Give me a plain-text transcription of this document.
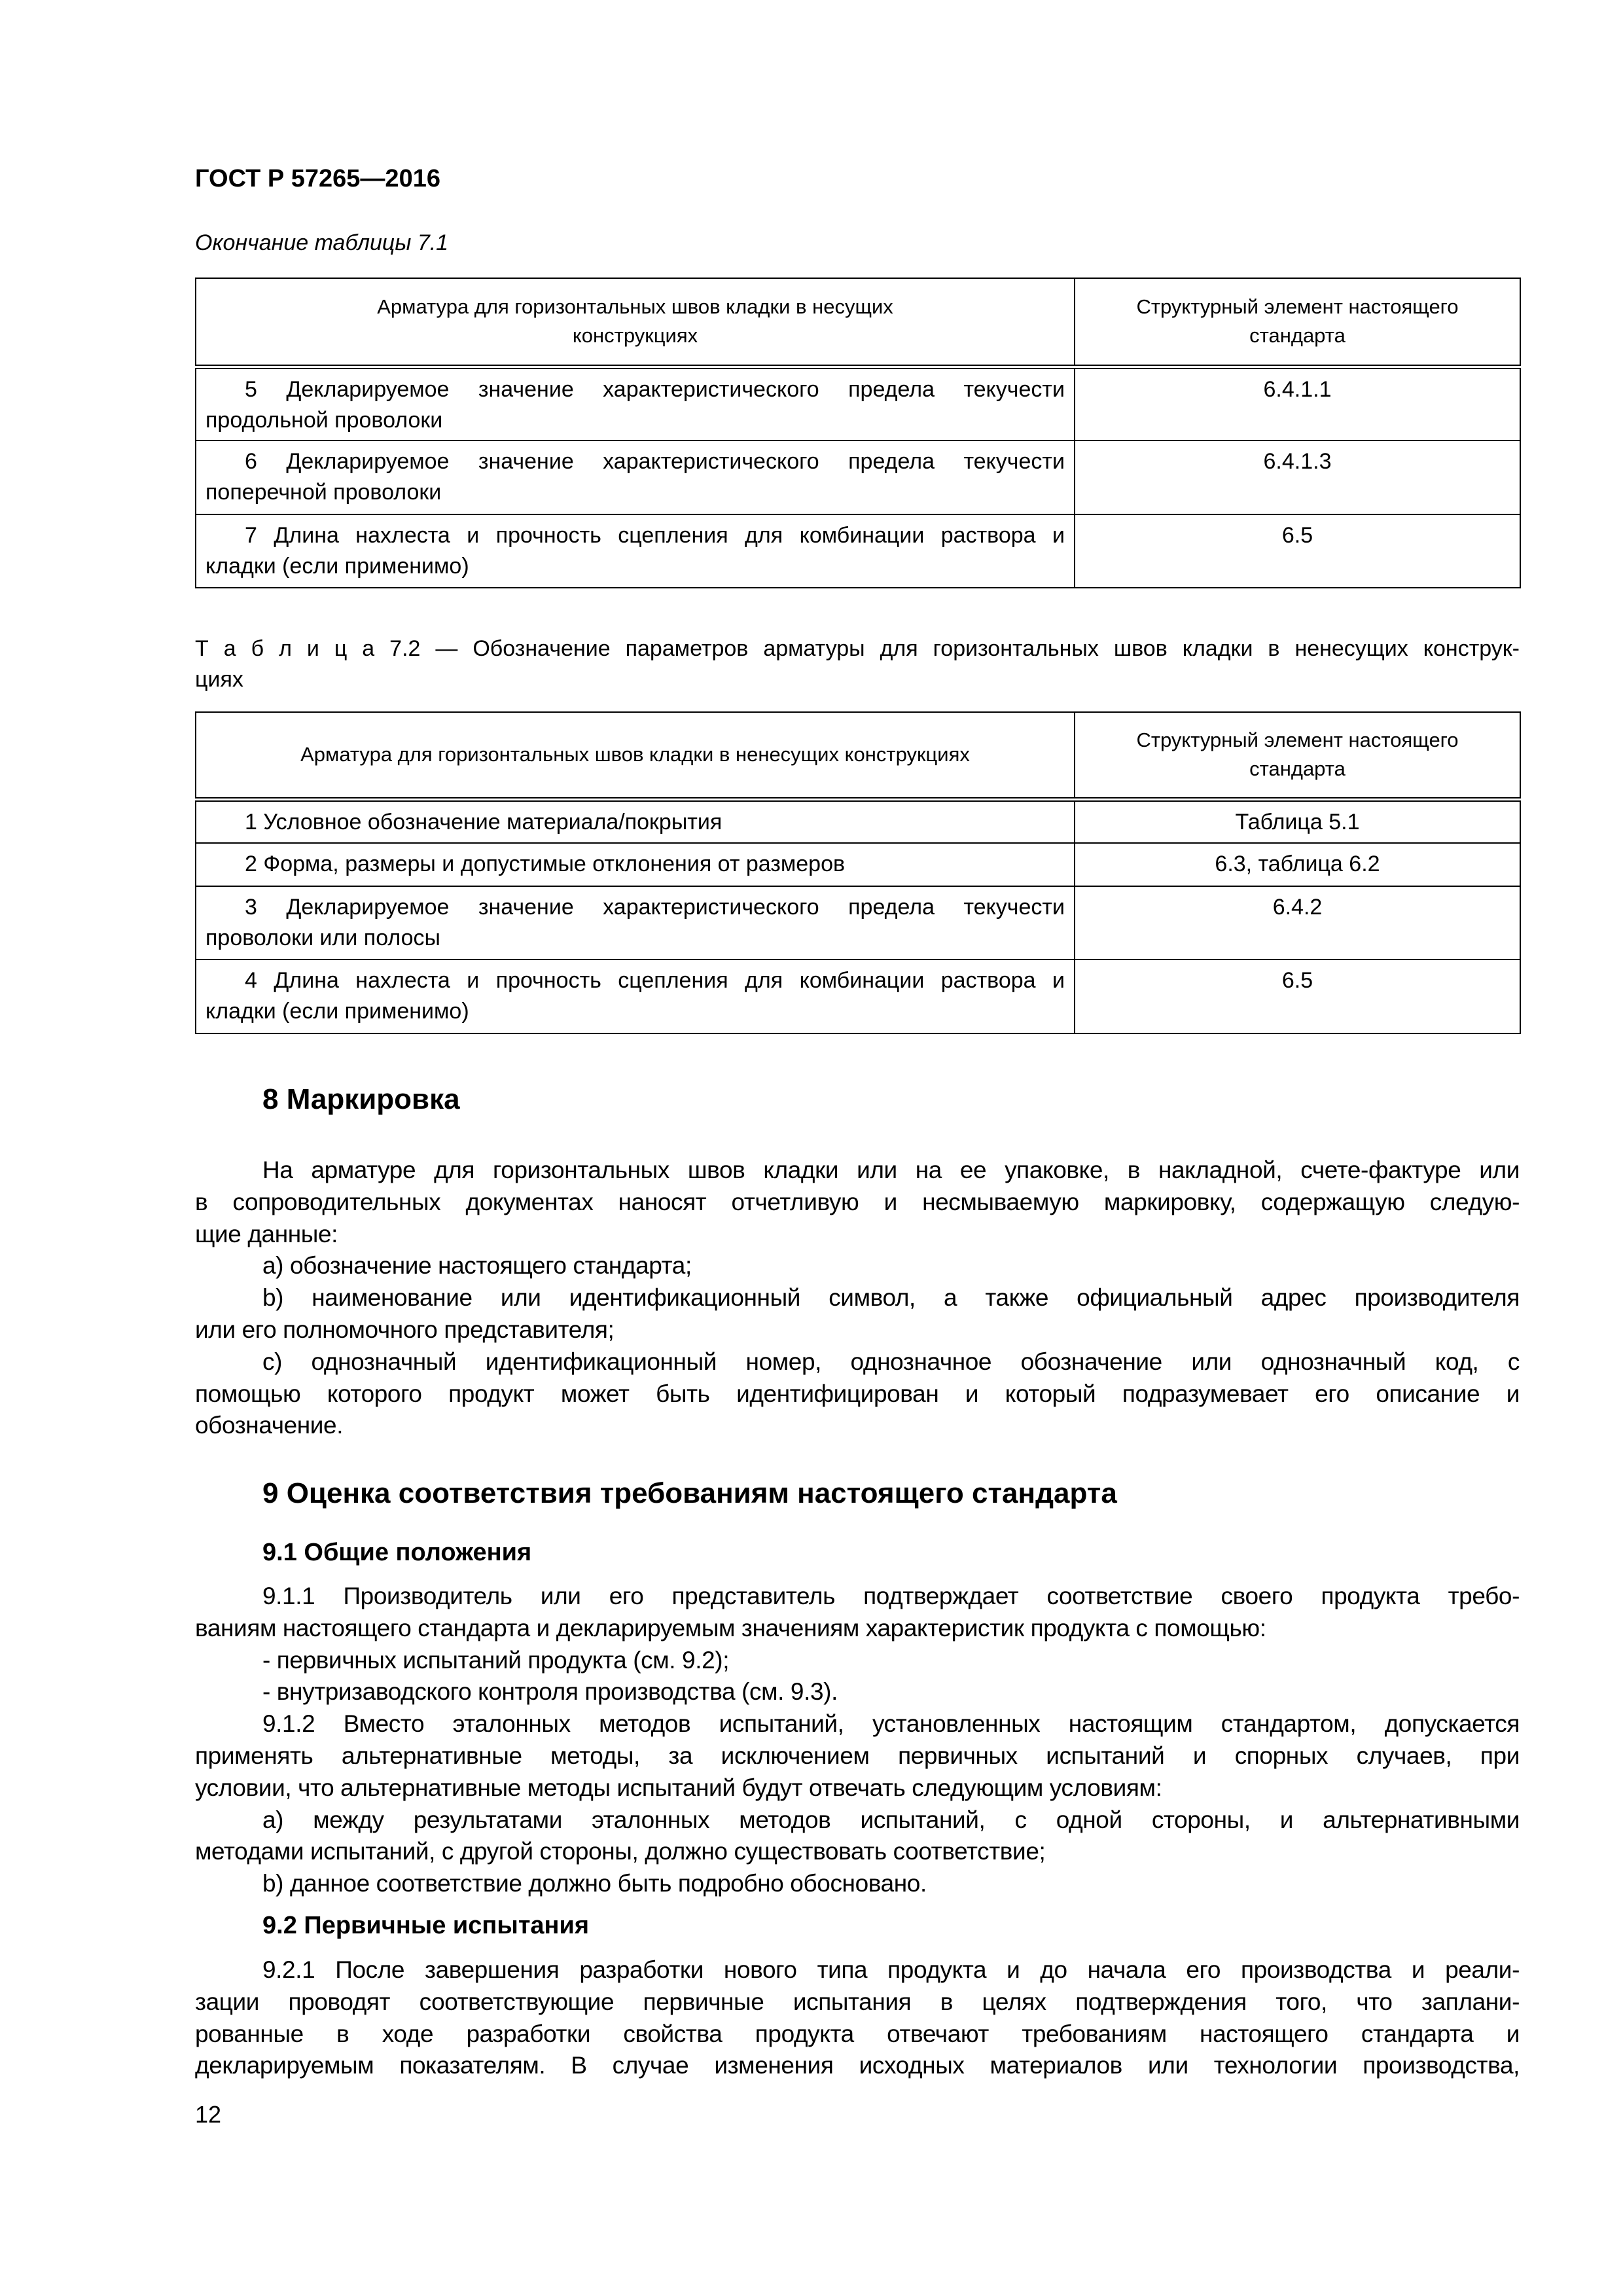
ГОСТ Р 57265—2016
Окончание таблицы 7.1
Арматура для горизонтальных швов кладки в несущих
конструкциях	Структурный элемент настоящего
стандарта

5 Декларируемое значение характеристического предела текучести
продольной проволоки	6.4.1.1

6 Декларируемое значение характеристического предела текучести
поперечной проволоки	6.4.1.3

7 Длина нахлеста и прочность сцепления для комбинации раствора и
кладки (если применимо)	6.5
Т а б л и ц а 7.2 — Обозначение параметров арматуры для горизонтальных швов кладки в ненесущих конструк-
циях
Арматура для горизонтальных швов кладки в ненесущих конструкциях	Структурный элемент настоящего
стандарта

1 Условное обозначение материала/покрытия	Таблица 5.1

2 Форма, размеры и допустимые отклонения от размеров	6.3, таблица 6.2

3 Декларируемое значение характеристического предела текучести
проволоки или полосы	6.4.2

4 Длина нахлеста и прочность сцепления для комбинации раствора и
кладки (если применимо)	6.5
8 Маркировка
На арматуре для горизонтальных швов кладки или на ее упаковке, в накладной, счете-фактуре или
в сопроводительных документах наносят отчетливую и несмываемую маркировку, содержащую следую-
щие данные:
a) обозначение настоящего стандарта;
b) наименование или идентификационный символ, а также официальный адрес производителя
или его полномочного представителя;
c) однозначный идентификационный номер, однозначное обозначение или однозначный код, с
помощью которого продукт может быть идентифицирован и который подразумевает его описание и
обозначение.
9 Оценка соответствия требованиям настоящего стандарта
9.1 Общие положения
9.1.1 Производитель или его представитель подтверждает соответствие своего продукта требо-
ваниям настоящего стандарта и декларируемым значениям характеристик продукта с помощью:
- первичных испытаний продукта (см. 9.2);
- внутризаводского контроля производства (см. 9.3).
9.1.2 Вместо эталонных методов испытаний, установленных настоящим стандартом, допускается
применять альтернативные методы, за исключением первичных испытаний и спорных случаев, при
условии, что альтернативные методы испытаний будут отвечать следующим условиям:
a) между результатами эталонных методов испытаний, с одной стороны, и альтернативными
методами испытаний, с другой стороны, должно существовать соответствие;
b) данное соответствие должно быть подробно обосновано.
9.2 Первичные испытания
9.2.1 После завершения разработки нового типа продукта и до начала его производства и реали-
зации проводят соответствующие первичные испытания в целях подтверждения того, что заплани-
рованные в ходе разработки свойства продукта отвечают требованиям настоящего стандарта и
декларируемым показателям. В случае изменения исходных материалов или технологии производства,
12
